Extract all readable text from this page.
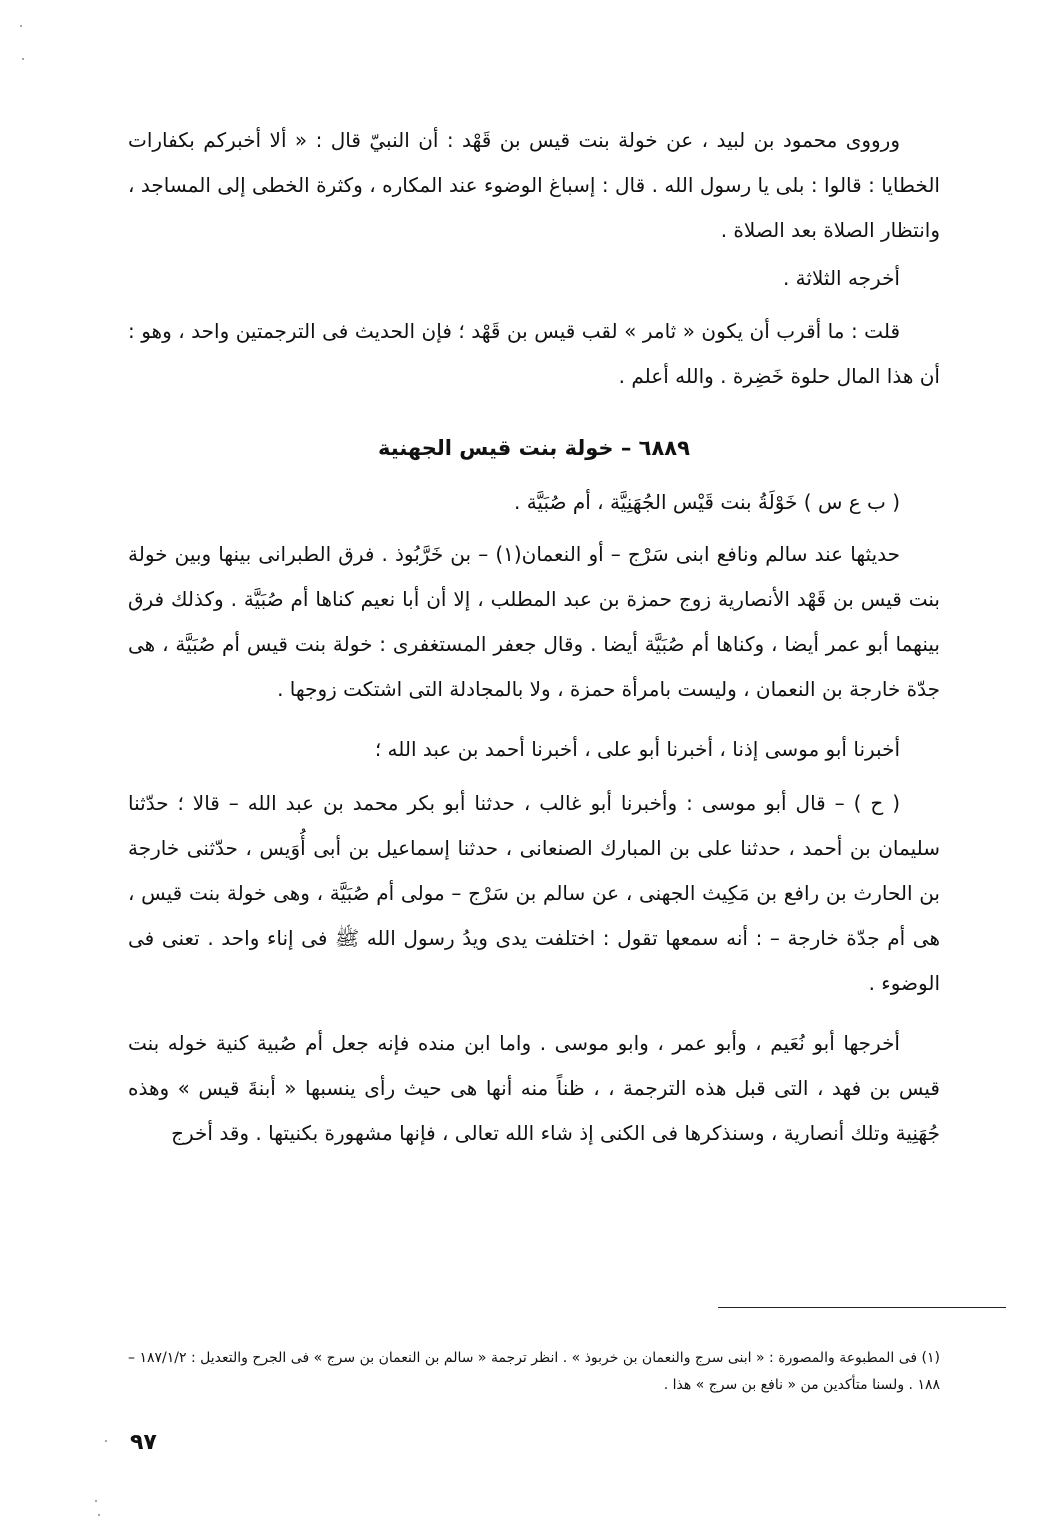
ورووى محمود بن لبيد ، عن خولة بنت قيس بن قَهْد : أن النبيّ قال : « ألا أخبركم بكفارات الخطايا : قالوا : بلى يا رسول الله . قال : إسباغ الوضوء عند المكاره ، وكثرة الخطى إلى المساجد ، وانتظار الصلاة بعد الصلاة .

أخرجه الثلاثة .

قلت : ما أقرب أن يكون « ثامر » لقب قيس بن قَهْد ؛ فإن الحديث فى الترجمتين واحد ، وهو : أن هذا المال حلوة خَضِرة . والله أعلم .

٦٨٨٩ – خولة بنت قيس الجهنية

( ب ع س ) خَوْلَةُ بنت قَيْس الجُهَنِيَّة ، أم صُبَيَّة .

حديثها عند سالم ونافع ابنى سَرْج – أو النعمان(١) – بن خَرَّبُوذ . فرق الطبرانى بينها وبين خولة بنت قيس بن قَهْد الأنصارية زوج حمزة بن عبد المطلب ، إلا أن أبا نعيم كناها أم صُبَيَّة . وكذلك فرق بينهما أبو عمر أيضا ، وكناها أم صُبَيَّة أيضا . وقال جعفر المستغفرى : خولة بنت قيس أم صُبَيَّة ، هى جدّة خارجة بن النعمان ، وليست بامرأة حمزة ، ولا بالمجادلة التى اشتكت زوجها .

أخبرنا أبو موسى إذنا ، أخبرنا أبو على ، أخبرنا أحمد بن عبد الله ؛

( ح ) – قال أبو موسى : وأخبرنا أبو غالب ، حدثنا أبو بكر محمد بن عبد الله – قالا ؛ حدّثنا سليمان بن أحمد ، حدثنا على بن المبارك الصنعانى ، حدثنا إسماعيل بن أبى أُوَيس ، حدّثنى خارجة بن الحارث بن رافع بن مَكِيث الجهنى ، عن سالم بن سَرْج – مولى أم صُبَيَّة ، وهى خولة بنت قيس ، هى أم جدّة خارجة – : أنه سمعها تقول : اختلفت يدى ويدُ رسول الله ﷺ فى إناء واحد . تعنى فى الوضوء .

أخرجها أبو نُعَيم ، وأبو عمر ، وابو موسى . واما ابن منده فإنه جعل أم صُبية كنية خوله بنت قيس بن فهد ، التى قبل هذه الترجمة ، ، ظناً منه أنها هى حيث رأى ينسبها « أبنةَ قيس » وهذه جُهَنِية وتلك أنصارية ، وسنذكرها فى الكنى إذ شاء الله تعالى ، فإنها مشهورة بكنيتها . وقد أخرج

(١) فى المطبوعة والمصورة : « ابنى سرج والنعمان بن خربوذ » . انظر ترجمة « سالم بن النعمان بن سرج » فى الجرح والتعديل : ١٨٧/١/٢ – ١٨٨ . ولسنا متأكدين من « نافع بن سرج » هذا .

٩٧
